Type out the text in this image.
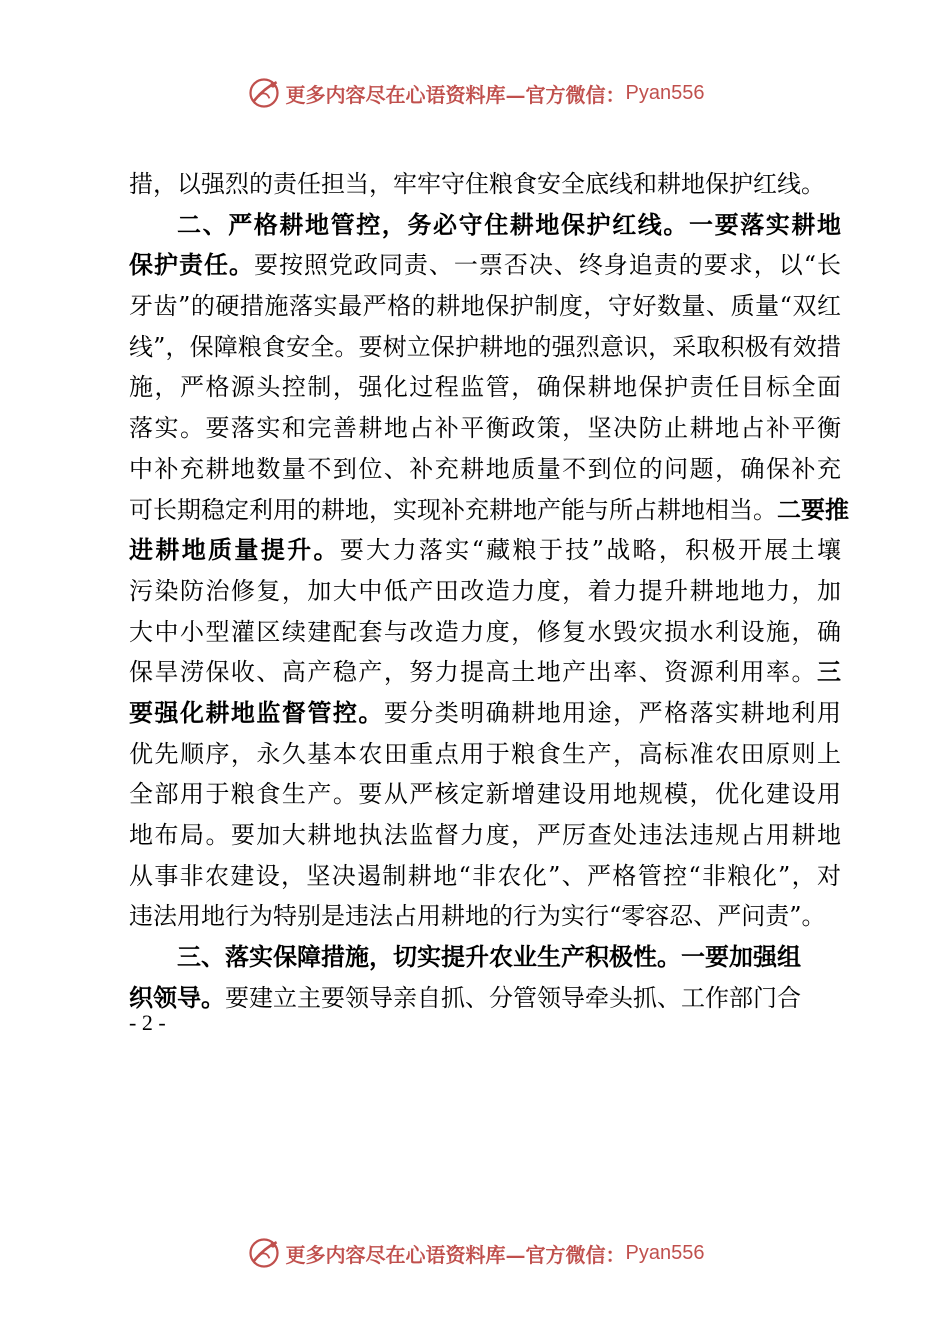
更多内容尽在心语资料库—官方微信： Pyan556
措，以强烈的责任担当，牢牢守住粮食安全底线和耕地保护红线。
二、严格耕地管控，务必守住耕地保护红线。一要落实耕地
保护责任。要按照党政同责、一票否决、终身追责的要求，以“长
牙齿”的硬措施落实最严格的耕地保护制度，守好数量、质量“双红
线”，保障粮食安全。要树立保护耕地的强烈意识，采取积极有效措
施，严格源头控制，强化过程监管，确保耕地保护责任目标全面
落实。要落实和完善耕地占补平衡政策，坚决防止耕地占补平衡
中补充耕地数量不到位、补充耕地质量不到位的问题，确保补充
可长期稳定利用的耕地，实现补充耕地产能与所占耕地相当。二要推
进耕地质量提升。要大力落实“藏粮于技”战略，积极开展土壤
污染防治修复，加大中低产田改造力度，着力提升耕地地力，加
大中小型灌区续建配套与改造力度，修复水毁灾损水利设施，确
保旱涝保收、高产稳产，努力提高土地产出率、资源利用率。三
要强化耕地监督管控。要分类明确耕地用途，严格落实耕地利用
优先顺序，永久基本农田重点用于粮食生产，高标准农田原则上
全部用于粮食生产。要从严核定新增建设用地规模，优化建设用
地布局。要加大耕地执法监督力度，严厉查处违法违规占用耕地
从事非农建设，坚决遏制耕地“非农化”、严格管控“非粮化”，对
违法用地行为特别是违法占用耕地的行为实行“零容忍、严问责”。
三、落实保障措施，切实提升农业生产积极性。一要加强组
织领导。要建立主要领导亲自抓、分管领导牵头抓、工作部门合
- 2 -
更多内容尽在心语资料库—官方微信： Pyan556
